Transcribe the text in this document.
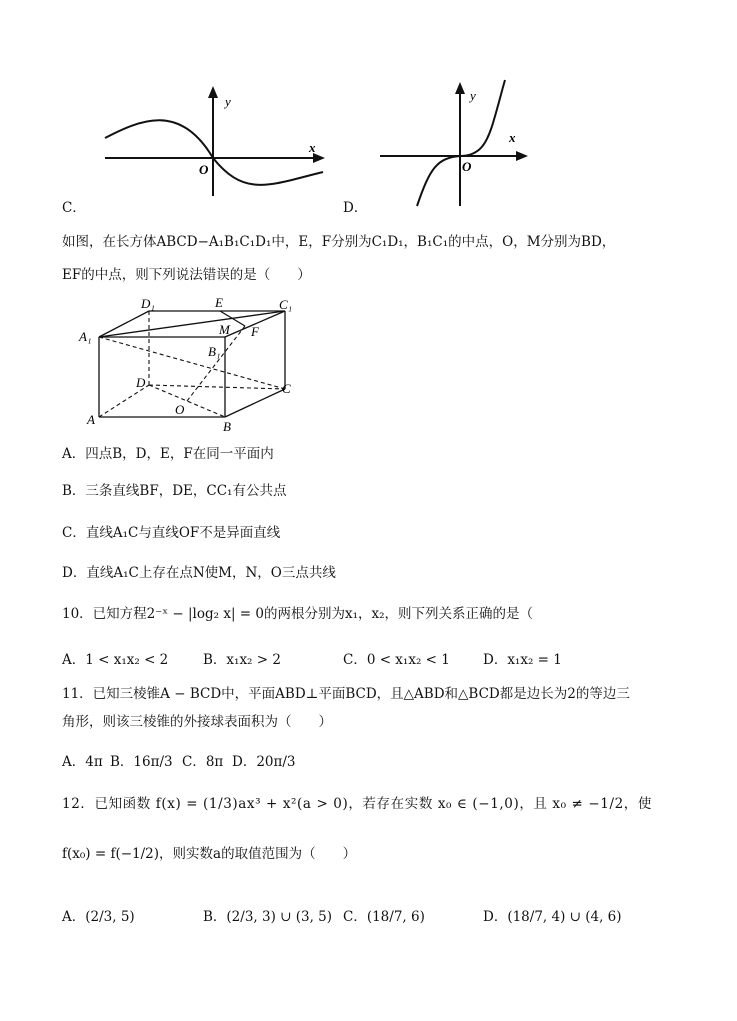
y
x
O
C．
y
x
O
D．
如图，在长方体ABCD−A₁B₁C₁D₁中，E，F分别为C₁D₁，B₁C₁的中点，O，M分别为BD，
EF的中点，则下列说法错误的是（　　）
D₁	E	C₁
A₁	M F
B₁
D	C
O
A	B
A．四点B，D，E，F在同一平面内
B．三条直线BF，DE，CC₁有公共点
C．直线A₁C与直线OF不是异面直线
D．直线A₁C上存在点N使M，N，O三点共线
10．已知方程2⁻ˣ − |log₂ x| = 0的两根分别为x₁，x₂，则下列关系正确的是（
A．1 < x₁x₂ < 2	B．x₁x₂ > 2	C．0 < x₁x₂ < 1 D．x₁x₂ = 1
11．已知三棱锥A − BCD中，平面ABD⊥平面BCD，且△ABD和△BCD都是边长为2的等边三
角形，则该三棱锥的外接球表面积为（　　）
A．4π B．16π/3 C．8π D．20π/3
12．已知函数 f(x) = (1/3)ax³ + x²(a > 0)，若存在实数 x₀ ∈ (−1,0)，且 x₀ ≠ −1/2，使
f(x₀) = f(−1/2)，则实数a的取值范围为（　　）
A．(2/3, 5)	B．(2/3, 3) ∪ (3, 5) C．(18/7, 6)	D．(18/7, 4) ∪ (4, 6)
